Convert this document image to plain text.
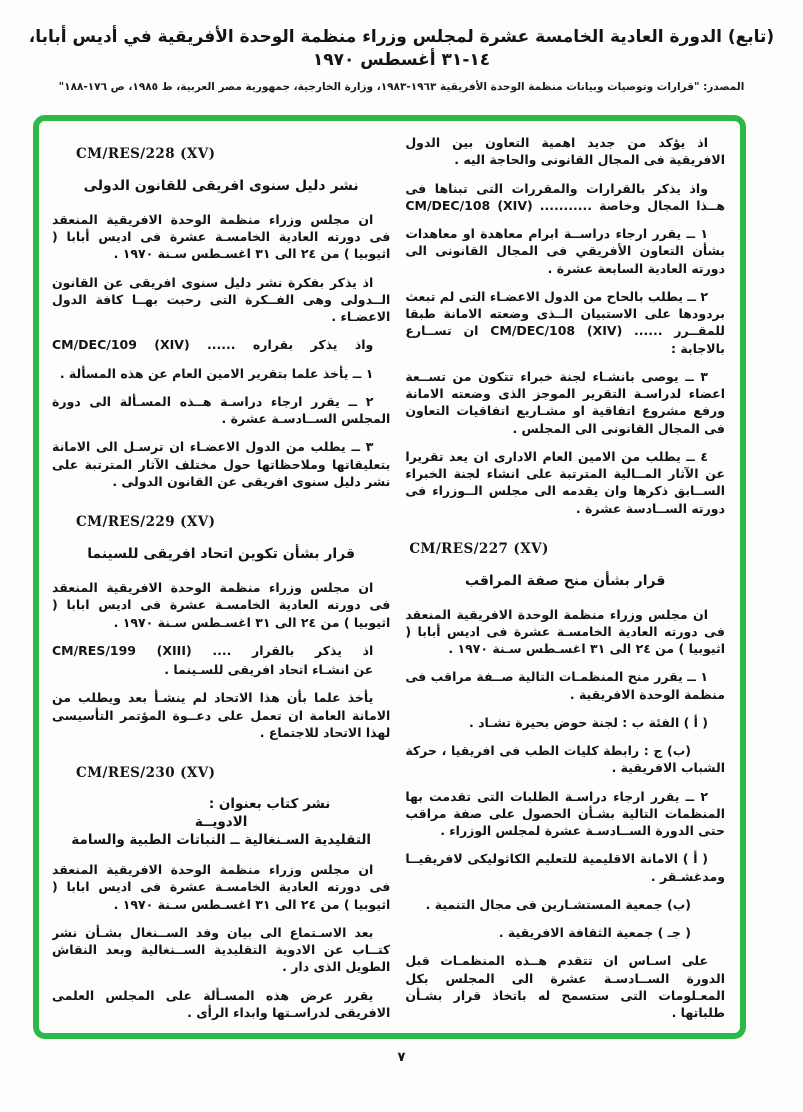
(تابع) الدورة العادية الخامسة عشرة لمجلس وزراء منظمة الوحدة الأفريقية في أديس أبابا، ١٤-٣١ أغسطس ١٩٧٠
المصدر: "قرارات وتوصيات وبيانات منظمة الوحدة الأفريقية ١٩٦٣-١٩٨٣، وزارة الخارجية، جمهورية مصر العربية، ط ١٩٨٥، ص ١٧٦-١٨٨"

اذ يؤكد من جديد اهمية التعاون بين الدول الافريقية فى المجال القانونى والحاجة اليه .

واذ يذكر بالقرارات والمقررات التى تبناها فى هــذا المجال وخاصة ........... ‎CM/DEC/108 (XIV)‎

١ ــ يقرر ارجاء دراســة ابرام معاهدة او معاهدات بشأن التعاون الأفريقي فى المجال القانونى الى دورته العادية السابعة عشرة .

٢ ــ يطلب بالحاح من الدول الاعضـاء التى لم تبعث بردودها على الاستبيان الــذى وضعته الامانة طبقا للمقــرر ...... ‎CM/DEC/108 (XIV)‎ ان تســارع بالاجابة :

٣ ــ يوصى بانشـاء لجنة خبراء تتكون من تســعة اعضاء لدراسـة التقرير الموجز الذى وضعته الامانة ورفع مشروع اتفاقية او مشـاريع اتفاقيات التعاون فى المجال القانونى الى المجلس .

٤ ــ يطلب من الامين العام الادارى ان يعد تقريرا عن الآثار المــالية المترتبة على انشاء لجنة الخبراء الســابق ذكرها وان يقدمه الى مجلس الــوزراء فى دورته الســادسة عشرة .

CM/RES/227 (XV)
قرار بشأن منح صفة المراقب

ان مجلس وزراء منظمة الوحدة الافريقية المنعقد فى دورته العادية الخامسـة عشرة فى اديس أبابا ( اثيوبيا ) من ٢٤ الى ٣١ اغسـطس سـنة ١٩٧٠ .

١ ــ يقرر منح المنظمـات التالية صــفة مراقب فى منظمة الوحدة الافريقية .

( أ ) الفئة ب : لجنة حوض بحيرة تشـاد .

(ب) ج : رابطة كليات الطب فى افريقيا ، حركة الشباب الافريقية .

٢ ــ يقرر ارجاء دراسـة الطلبات التى تقدمت بها المنظمات التالية بشـأن الحصول على صفة مراقب حتى الدورة الســادسـة عشرة لمجلس الوزراء .

( أ ) الامانة الاقليمية للتعليم الكاثوليكى لافريقيــا ومدغشـقر .

(ب) جمعية المستشـارين فى مجال التنمية .

( جـ ) جمعية الثقافة الافريقية .

على اسـاس ان تتقدم هــذه المنظمـات قبل الدورة الســادسـة عشرة الى المجلس بكل المعـلومات التى ستسمح له باتخاذ قرار بشـأن طلباتها .

CM/RES/228 (XV)
نشر دليل سنوى افريقى للقانون الدولى

ان مجلس وزراء منظمة الوحدة الافريقية المنعقد فى دورته العادية الخامسـة عشرة فى اديس أبابا ( اثيوبيا ) من ٢٤ الى ٣١ اغسـطس سـنة ١٩٧٠ .

اذ يذكر بفكرة نشر دليل سنوى افريقى عن القانون الــدولى وهى الفــكرة التى رحبت بهــا كافة الدول الاعضـاء .

واذ يذكر بقراره ...... ‎CM/DEC/109 (XIV)‎

١ ــ يأخذ علما بتقرير الامين العام عن هذه المسألة .

٢ ــ يقرر ارجاء دراسـة هــذه المسـألة الى دورة المجلس الســادسـة عشرة .

٣ ــ يطلب من الدول الاعضـاء ان ترسـل الى الامانة بتعليقاتها وملاحظاتها حول مختلف الآثار المترتبة على نشر دليل سنوى افريقى عن القانون الدولى .

CM/RES/229 (XV)
قرار بشأن تكوين اتحاد افريقى للسينما

ان مجلس وزراء منظمة الوحدة الافريقية المنعقد فى دورته العادية الخامسـة عشرة فى اديس ابابا ( اثيوبيا ) من ٢٤ الى ٣١ اغسـطس سـنة ١٩٧٠ .

اذ يذكر بالقرار .... ‎CM/RES/199 (XIII)‎

عن انشـاء اتحاد افريقى للسـينما .

يأخذ علما بأن هذا الاتحاد لم ينشـأ بعد ويطلب من الامانة العامة ان تعمل على دعــوة المؤتمر التأسيسى لهذا الاتحاد للاجتماع .

CM/RES/230 (XV)
نشر كتاب بعنوان :
الادويــة
التقليدية السـنغالية ــ النباتات الطبية والسامة

ان مجلس وزراء منظمة الوحدة الافريقية المنعقد فى دورته العادية الخامسـة عشرة فى اديس ابابا ( اثيوبيا ) من ٢٤ الى ٣١ اغسـطس سـنة ١٩٧٠ .

بعد الاسـتماع الى بيان وفد الســنغال بشـأن نشر كتــاب عن الادوية التقليدية الســنغالية وبعد النقاش الطويل الذى دار .

يقرر عرض هذه المسـألة على المجلس العلمى الافريقى لدراسـتها وابداء الرأى .

٧
